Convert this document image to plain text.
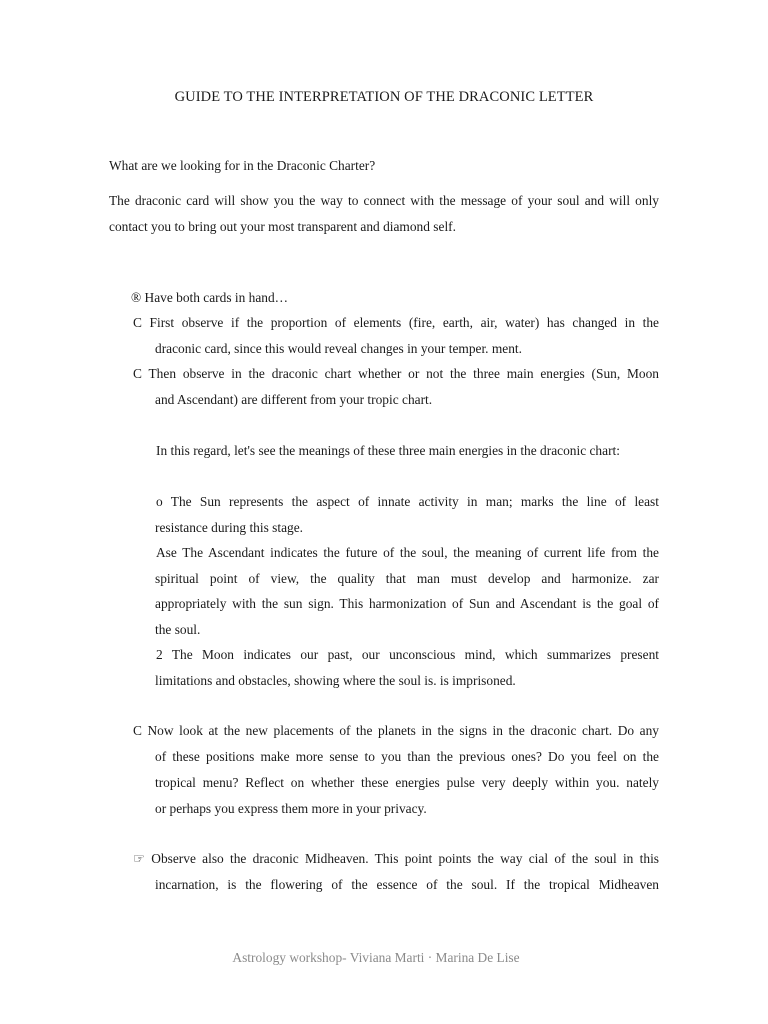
GUIDE TO THE INTERPRETATION OF THE DRACONIC LETTER

What are we looking for in the Draconic Charter?

The draconic card will show you the way to connect with the message of your soul and will only

contact you to bring out your most transparent and diamond self.

® Have both cards in hand…

C First observe if the proportion of elements (fire, earth, air, water) has changed in the

draconic card, since this would reveal changes in your temper. ment.

C Then observe in the draconic chart whether or not the three main energies (Sun, Moon

and Ascendant) are different from your tropic chart.

In this regard, let's see the meanings of these three main energies in the draconic chart:

o The Sun represents the aspect of innate activity in man; marks the line of least

resistance during this stage.

Ase The Ascendant indicates the future of the soul, the meaning of current life from the

spiritual point of view, the quality that man must develop and harmonize. zar

appropriately with the sun sign. This harmonization of Sun and Ascendant is the goal of

the soul.

2 The Moon indicates our past, our unconscious mind, which summarizes present

limitations and obstacles, showing where the soul is. is imprisoned.

C Now look at the new placements of the planets in the signs in the draconic chart. Do any

of these positions make more sense to you than the previous ones? Do you feel on the

tropical menu? Reflect on whether these energies pulse very deeply within you. nately

or perhaps you express them more in your privacy.

☞ Observe also the draconic Midheaven. This point points the way cial of the soul in this

incarnation, is the flowering of the essence of the soul. If the tropical Midheaven

Astrology workshop- Viviana Marti · Marina De Lise
